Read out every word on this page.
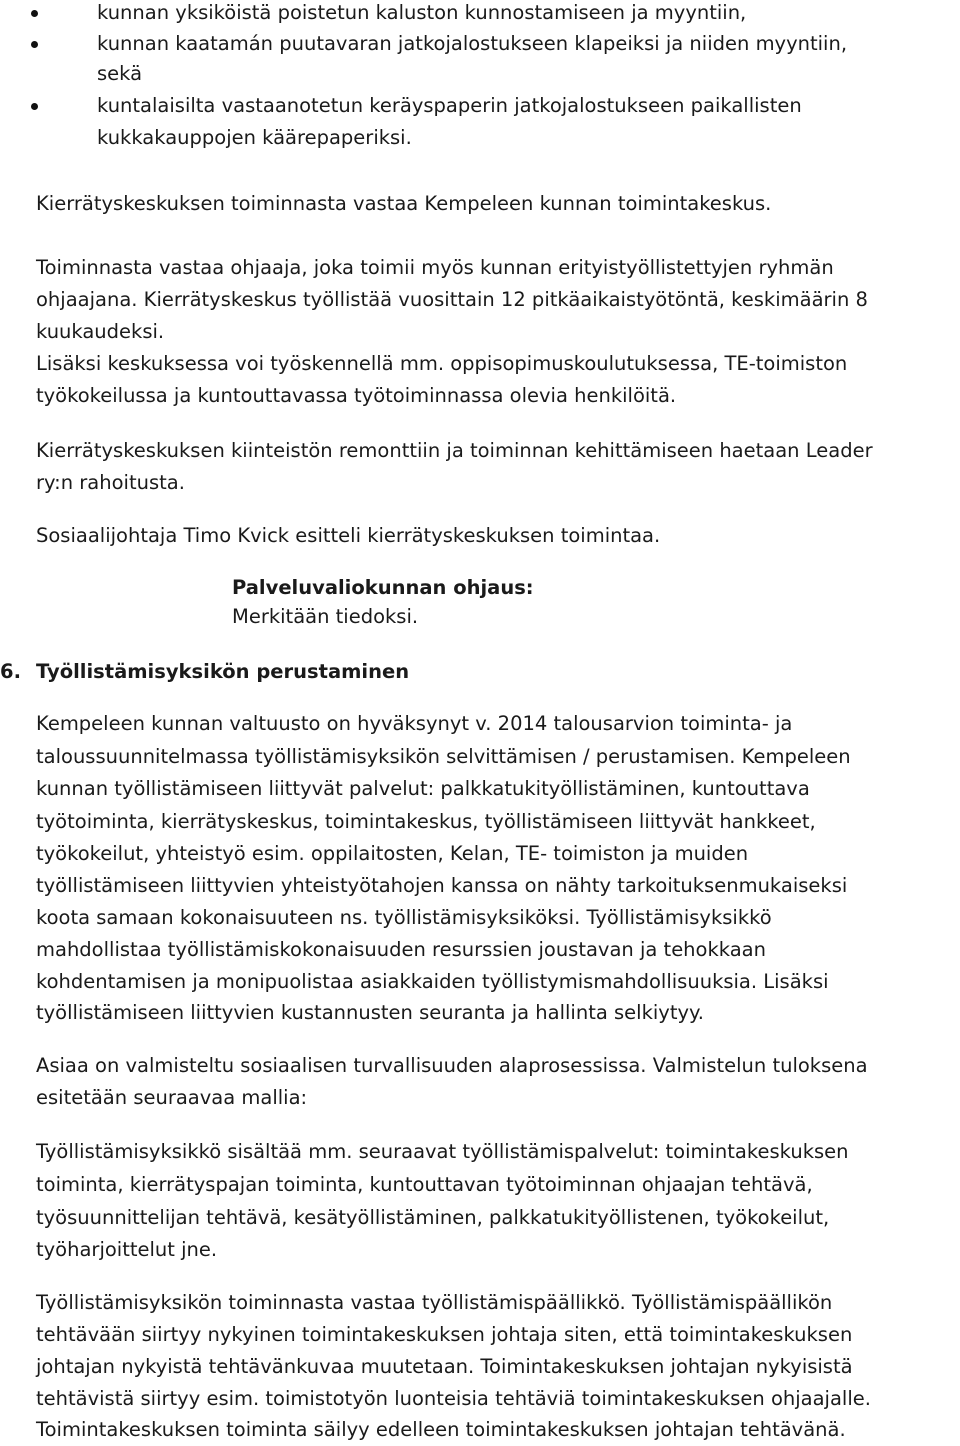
kunnan yksiköistä poistetun kaluston kunnostamiseen ja myyntiin,
kunnan kaatamán puutavaran jatkojalostukseen klapeiksi ja niiden myyntiin,
sekä
kuntalaisilta vastaanotetun keräyspaperin jatkojalostukseen paikallisten
kukkakauppojen käärepaperiksi.
Kierrätyskeskuksen toiminnasta vastaa Kempeleen kunnan toimintakeskus.
Toiminnasta vastaa ohjaaja, joka toimii myös kunnan erityistyöllistettyjen ryhmän
ohjaajana. Kierrätyskeskus työllistää vuosittain 12 pitkäaikaistyötöntä, keskimäärin 8
kuukaudeksi.
Lisäksi keskuksessa voi työskennellä mm. oppisopimuskoulutuksessa, TE-toimiston
työkokeilussa ja kuntouttavassa työtoiminnassa olevia henkilöitä.
Kierrätyskeskuksen kiinteistön remonttiin ja toiminnan kehittämiseen haetaan Leader
ry:n rahoitusta.
Sosiaalijohtaja Timo Kvick esitteli kierrätyskeskuksen toimintaa.
Palveluvaliokunnan ohjaus:
Merkitään tiedoksi.
6. Työllistämisyksikön perustaminen
Kempeleen kunnan valtuusto on hyväksynyt v. 2014 talousarvion toiminta- ja
taloussuunnitelmassa työllistämisyksikön selvittämisen / perustamisen. Kempeleen
kunnan työllistämiseen liittyvät palvelut: palkkatukityöllistäminen, kuntouttava
työtoiminta, kierrätyskeskus, toimintakeskus, työllistämiseen liittyvät hankkeet,
työkokeilut, yhteistyö esim. oppilaitosten, Kelan, TE- toimiston ja muiden
työllistämiseen liittyvien yhteistyötahojen kanssa on nähty tarkoituksenmukaiseksi
koota samaan kokonaisuuteen ns. työllistämisyksiköksi. Työllistämisyksikkö
mahdollistaa työllistämiskokonaisuuden resurssien joustavan ja tehokkaan
kohdentamisen ja monipuolistaa asiakkaiden työllistymismahdollisuuksia. Lisäksi
työllistämiseen liittyvien kustannusten seuranta ja hallinta selkiytyy.
Asiaa on valmisteltu sosiaalisen turvallisuuden alaprosessissa. Valmistelun tuloksena
esitetään seuraavaa mallia:
Työllistämisyksikkö sisältää mm. seuraavat työllistämispalvelut: toimintakeskuksen
toiminta, kierrätyspajan toiminta, kuntouttavan työtoiminnan ohjaajan tehtävä,
työsuunnittelijan tehtävä, kesätyöllistäminen, palkkatukityöllistenen, työkokeilut,
työharjoittelut jne.
Työllistämisyksikön toiminnasta vastaa työllistämispäällikkö. Työllistämispäällikön
tehtävään siirtyy nykyinen toimintakeskuksen johtaja siten, että toimintakeskuksen
johtajan nykyistä tehtävänkuvaa muutetaan. Toimintakeskuksen johtajan nykyisistä
tehtävistä siirtyy esim. toimistotyön luonteisia tehtäviä toimintakeskuksen ohjaajalle.
Toimintakeskuksen toiminta säilyy edelleen toimintakeskuksen johtajan tehtävänä.
